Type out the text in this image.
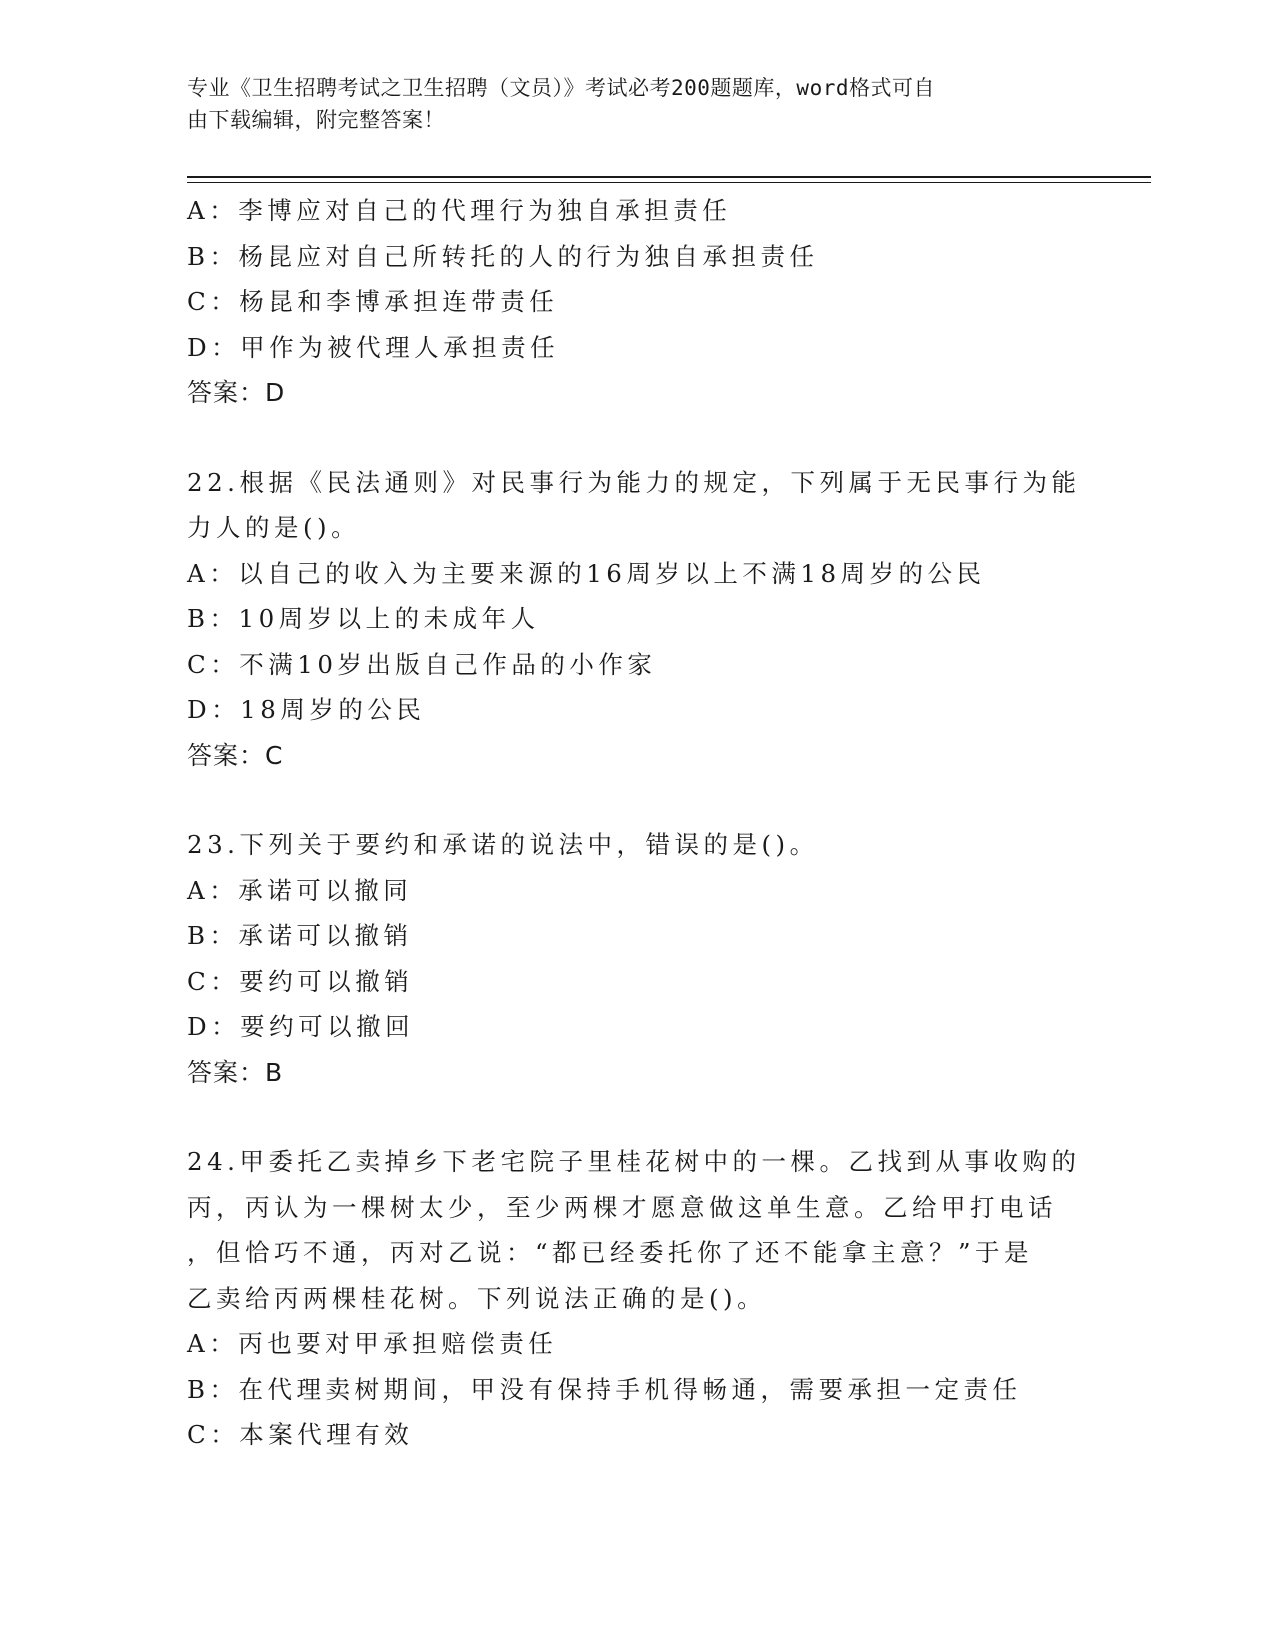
专业《卫生招聘考试之卫生招聘（文员）》考试必考200题题库，word格式可自
由下载编辑，附完整答案！

A：李博应对自己的代理行为独自承担责任

B：杨昆应对自己所转托的人的行为独自承担责任

C：杨昆和李博承担连带责任

D：甲作为被代理人承担责任

答案：D

22.根据《民法通则》对民事行为能力的规定，下列属于无民事行为能

力人的是()。

A：以自己的收入为主要来源的16周岁以上不满18周岁的公民

B：10周岁以上的未成年人

C：不满10岁出版自己作品的小作家

D：18周岁的公民

答案：C

23.下列关于要约和承诺的说法中，错误的是()。

A：承诺可以撤同

B：承诺可以撤销

C：要约可以撤销

D：要约可以撤回

答案：B

24.甲委托乙卖掉乡下老宅院子里桂花树中的一棵。乙找到从事收购的

丙，丙认为一棵树太少，至少两棵才愿意做这单生意。乙给甲打电话

，但恰巧不通，丙对乙说：“都已经委托你了还不能拿主意？”于是

乙卖给丙两棵桂花树。下列说法正确的是()。

A：丙也要对甲承担赔偿责任

B：在代理卖树期间，甲没有保持手机得畅通，需要承担一定责任

C：本案代理有效
